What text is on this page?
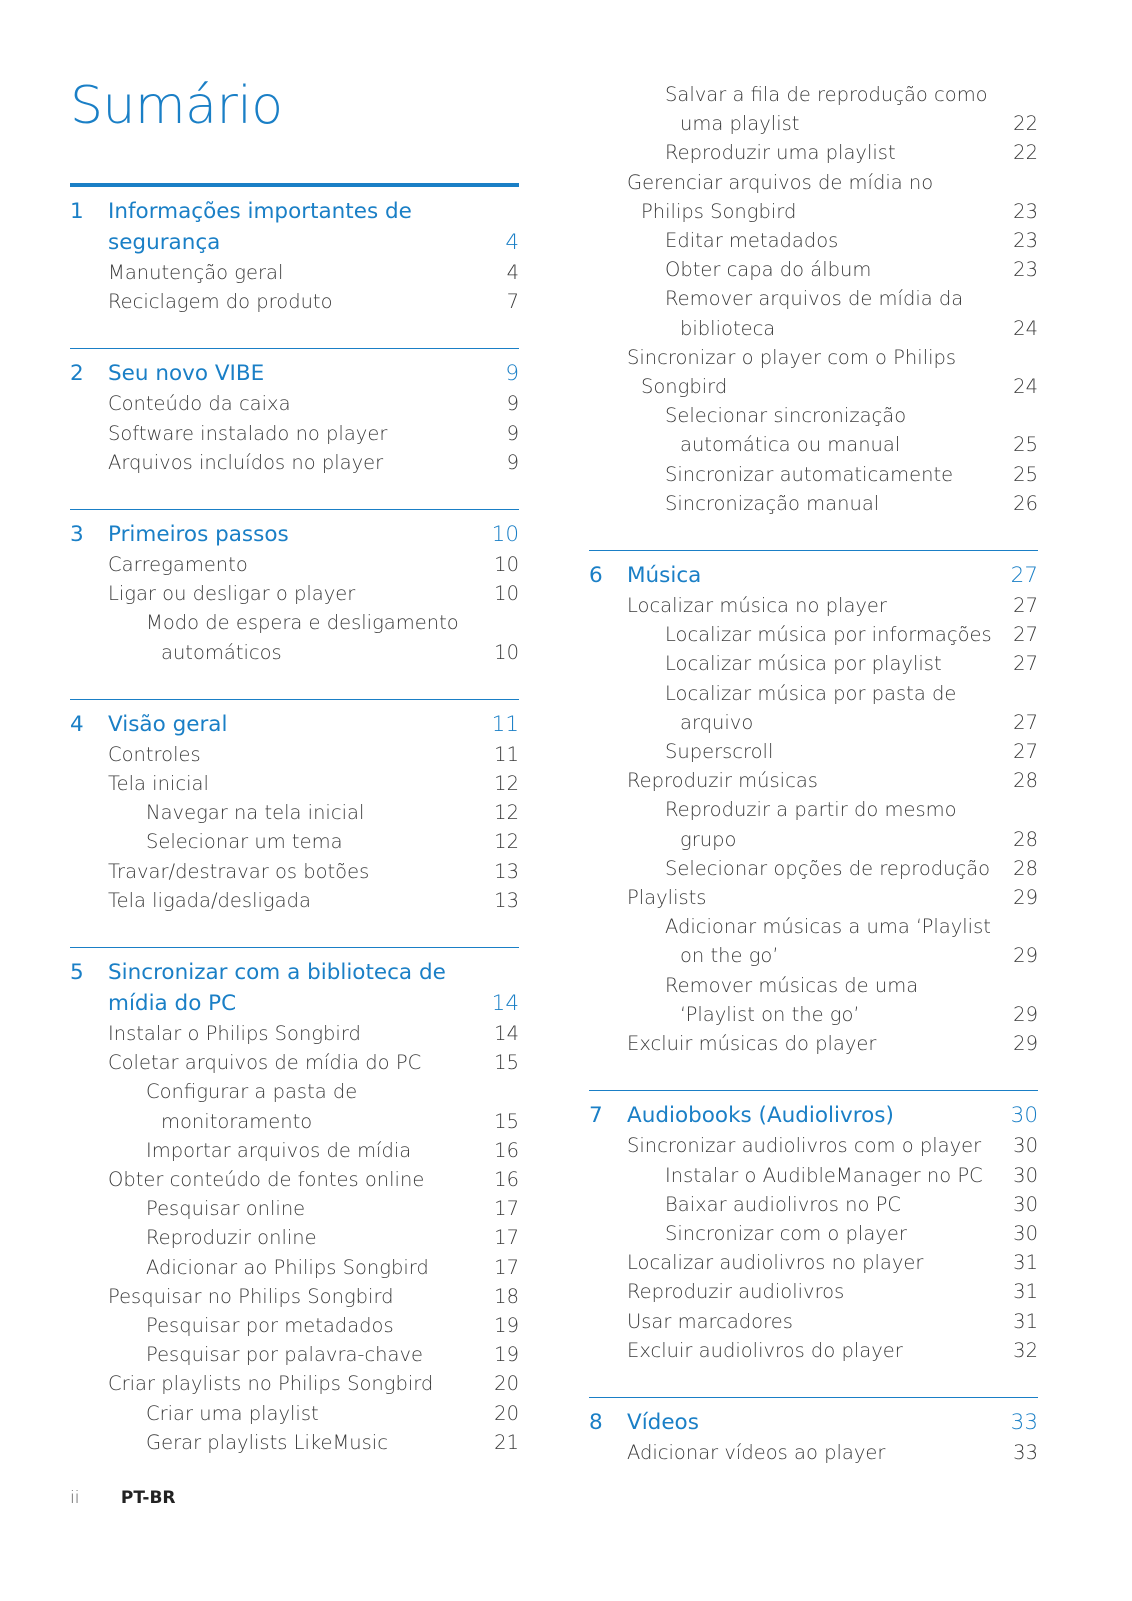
Sumário
1	Informações importantes de segurança	4
Manutenção geral	4
Reciclagem do produto	7
2	Seu novo VIBE	9
Conteúdo da caixa	9
Software instalado no player	9
Arquivos incluídos no player	9
3	Primeiros passos	10
Carregamento	10
Ligar ou desligar o player	10
Modo de espera e desligamento automáticos	10
4	Visão geral	11
Controles	11
Tela inicial	12
Navegar na tela inicial	12
Selecionar um tema	12
Travar/destravar os botões	13
Tela ligada/desligada	13
5	Sincronizar com a biblioteca de mídia do PC	14
Instalar o Philips Songbird	14
Coletar arquivos de mídia do PC	15
Configurar a pasta de monitoramento	15
Importar arquivos de mídia	16
Obter conteúdo de fontes online	16
Pesquisar online	17
Reproduzir online	17
Adicionar ao Philips Songbird	17
Pesquisar no Philips Songbird	18
Pesquisar por metadados	19
Pesquisar por palavra-chave	19
Criar playlists no Philips Songbird	20
Criar uma playlist	20
Gerar playlists LikeMusic	21
Salvar a fila de reprodução como uma playlist	22
Reproduzir uma playlist	22
Gerenciar arquivos de mídia no Philips Songbird	23
Editar metadados	23
Obter capa do álbum	23
Remover arquivos de mídia da biblioteca	24
Sincronizar o player com o Philips Songbird	24
Selecionar sincronização automática ou manual	25
Sincronizar automaticamente	25
Sincronização manual	26
6	Música	27
Localizar música no player	27
Localizar música por informações	27
Localizar música por playlist	27
Localizar música por pasta de arquivo	27
Superscroll	27
Reproduzir músicas	28
Reproduzir a partir do mesmo grupo	28
Selecionar opções de reprodução	28
Playlists	29
Adicionar músicas a uma ‘Playlist on the go’	29
Remover músicas de uma ‘Playlist on the go’	29
Excluir músicas do player	29
7	Audiobooks (Audiolivros)	30
Sincronizar audiolivros com o player	30
Instalar o AudibleManager no PC	30
Baixar audiolivros no PC	30
Sincronizar com o player	30
Localizar audiolivros no player	31
Reproduzir audiolivros	31
Usar marcadores	31
Excluir audiolivros do player	32
8	Vídeos	33
Adicionar vídeos ao player	33
ii PT-BR
